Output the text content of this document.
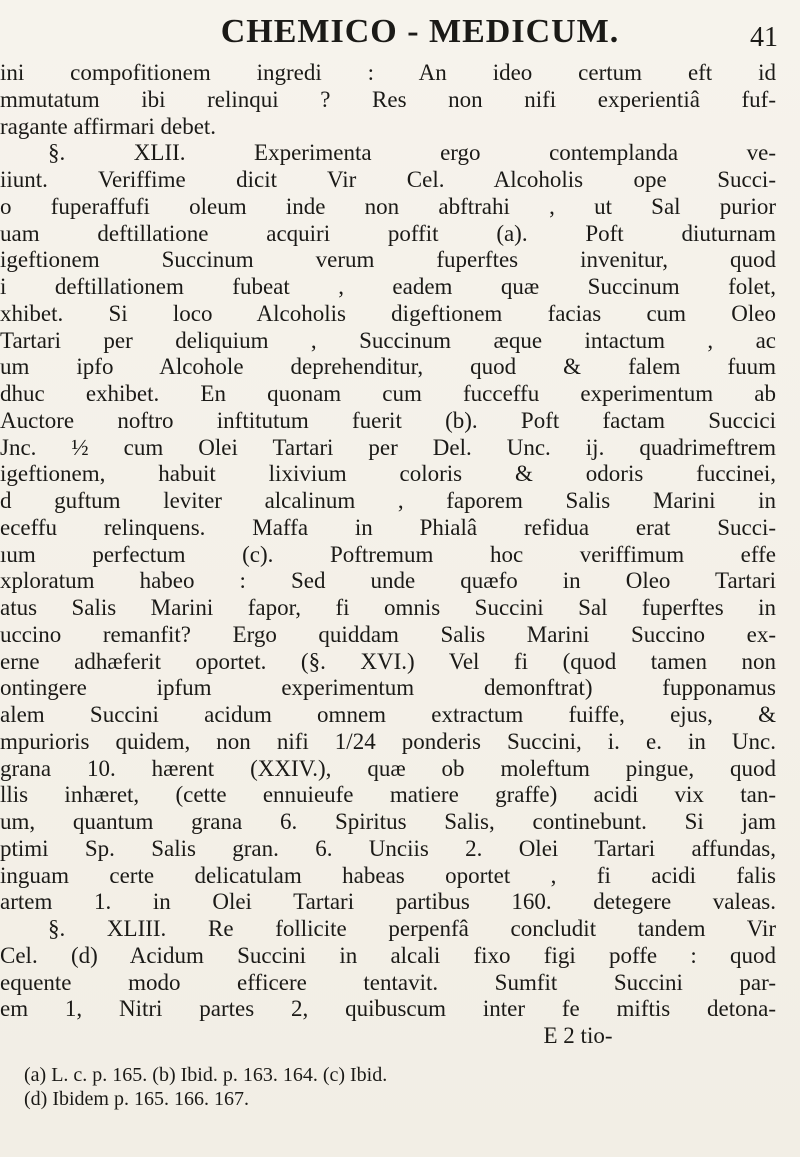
CHEMICO - MEDICUM.	41
ini compofitionem ingredi : An ideo certum eft id
mmutatum ibi relinqui ? Res non nifi experientiâ fuf-
ragante affirmari debet.
§. XLII. Experimenta ergo contemplanda ve-
iiunt. Veriffime dicit Vir Cel. Alcoholis ope Succi-
o fuperaffufi oleum inde non abftrahi , ut Sal purior
uam deftillatione acquiri poffit (a). Poft diuturnam
igeftionem Succinum verum fuperftes invenitur, quod
i deftillationem fubeat , eadem quæ Succinum folet,
xhibet. Si loco Alcoholis digeftionem facias cum Oleo
Tartari per deliquium , Succinum æque intactum , ac
um ipfo Alcohole deprehenditur, quod & falem fuum
dhuc exhibet. En quonam cum fucceffu experimentum ab
Auctore noftro inftitutum fuerit (b). Poft factam Succici
Jnc. ½ cum Olei Tartari per Del. Unc. ij. quadrimeftrem
igeftionem, habuit lixivium coloris & odoris fuccinei,
d guftum leviter alcalinum , faporem Salis Marini in
eceffu relinquens. Maffa in Phialâ refidua erat Succi-
ıum perfectum (c). Poftremum hoc veriffimum effe
xploratum habeo : Sed unde quæfo in Oleo Tartari
atus Salis Marini fapor, fi omnis Succini Sal fuperftes in
uccino remanfit? Ergo quiddam Salis Marini Succino ex-
erne adhæferit oportet. (§. XVI.) Vel fi (quod tamen non
ontingere ipfum experimentum demonftrat) fupponamus
alem Succini acidum omnem extractum fuiffe, ejus, &
mpurioris quidem, non nifi 1/24 ponderis Succini, i. e. in Unc.
grana 10. hærent (XXIV.), quæ ob moleftum pingue, quod
llis inhæret, (cette ennuieufe matiere graffe) acidi vix tan-
um, quantum grana 6. Spiritus Salis, continebunt. Si jam
ptimi Sp. Salis gran. 6. Unciis 2. Olei Tartari affundas,
inguam certe delicatulam habeas oportet , fi acidi falis
artem 1. in Olei Tartari partibus 160. detegere valeas.
§. XLIII. Re follicite perpenfâ concludit tandem Vir
Cel. (d) Acidum Succini in alcali fixo figi poffe : quod
equente modo efficere tentavit. Sumfit Succini par-
em 1, Nitri partes 2, quibuscum inter fe miftis detona-
E 2 tio-
(a) L. c. p. 165. (b) Ibid. p. 163. 164. (c) Ibid.
(d) Ibidem p. 165. 166. 167.
